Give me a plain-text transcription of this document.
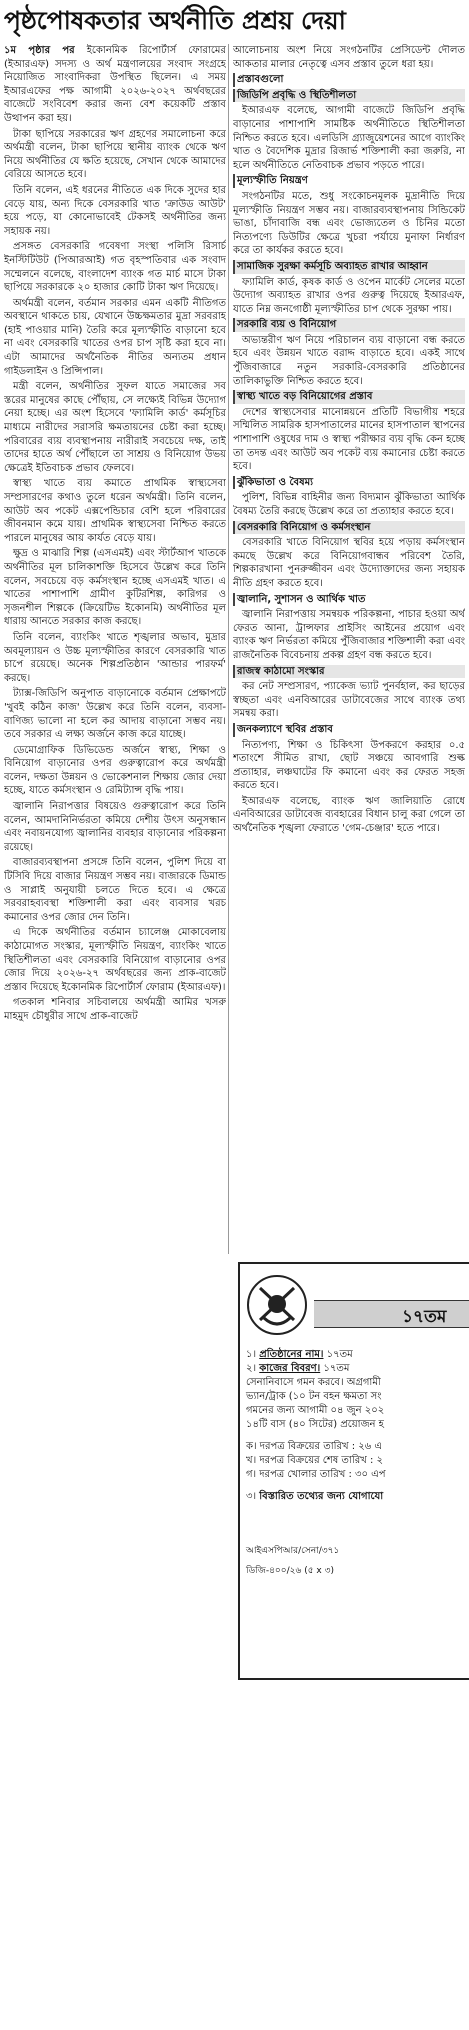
পৃষ্ঠপোষকতার অর্থনীতি প্রশ্রয় দেয়া

১ম পৃষ্ঠার পর ইকোনমিক রিপোর্টার্স ফোরামের (ইআরএফ) সদস্য ও অর্থ মন্ত্রণালয়ের সংবাদ সংগ্রহে নিয়োজিত সাংবাদিকরা উপস্থিত ছিলেন। এ সময় ইআরএফের পক্ষ আগামী ২০২৬-২০২৭ অর্থবছরের বাজেটে সংবিবেশ করার জন্য বেশ কয়েকটি প্রস্তাব উত্থাপন করা হয়।

টাকা ছাপিয়ে সরকারের ঋণ গ্রহণের সমালোচনা করে অর্থমন্ত্রী বলেন, টাকা ছাপিয়ে স্থানীয় ব্যাংক থেকে ঋণ নিয়ে অর্থনীতির যে ক্ষতি হয়েছে, সেখান থেকে আমাদের বেরিয়ে আসতে হবে।

তিনি বলেন, এই ধরনের নীতিতে এক দিকে সুদের হার বেড়ে যায়, অন্য দিকে বেসরকারি খাত 'ক্রাউড আউট' হয়ে পড়ে, যা কোনোভাবেই টেকসই অর্থনীতির জন্য সহায়ক নয়।

প্রসঙ্গত বেসরকারি গবেষণা সংস্থা পলিসি রিসার্চ ইনস্টিটিউট (পিআরআই) গত বৃহস্পতিবার এক সংবাদ সম্মেলনে বলেছে, বাংলাদেশ ব্যাংক গত মার্চ মাসে টাকা ছাপিয়ে সরকারকে ২০ হাজার কোটি টাকা ঋণ দিয়েছে।

অর্থমন্ত্রী বলেন, বর্তমান সরকার এমন একটি নীতিগত অবস্থানে থাকতে চায়, যেখানে উচ্চক্ষমতার মুদ্রা সরবরাহ (হাই পাওয়ার মানি) তৈরি করে মূল্যস্ফীতি বাড়ানো হবে না এবং বেসরকারি খাতের ওপর চাপ সৃষ্টি করা হবে না। এটা আমাদের অর্থনৈতিক নীতির অন্যতম প্রধান গাইডলাইন ও প্রিন্সিপাল।

মন্ত্রী বলেন, অর্থনীতির সুফল যাতে সমাজের সব স্তরের মানুষের কাছে পৌঁছায়, সে লক্ষ্যেই বিভিন্ন উদ্যোগ নেয়া হচ্ছে। এর অংশ হিসেবে 'ফ্যামিলি কার্ড' কর্মসূচির মাধ্যমে নারীদের সরাসরি ক্ষমতায়নের চেষ্টা করা হচ্ছে। পরিবারের ব্যয় ব্যবস্থাপনায় নারীরাই সবচেয়ে দক্ষ, তাই তাদের হাতে অর্থ পৌঁছালে তা সাশ্রয় ও বিনিয়োগ উভয় ক্ষেত্রেই ইতিবাচক প্রভাব ফেলবে।

স্বাস্থ্য খাতে ব্যয় কমাতে প্রাথমিক স্বাস্থ্যসেবা সম্প্রসারণের কথাও তুলে ধরেন অর্থমন্ত্রী। তিনি বলেন, আউট অব পকেট এক্সপেন্ডিচার বেশি হলে পরিবারের জীবনমান কমে যায়। প্রাথমিক স্বাস্থ্যসেবা নিশ্চিত করতে পারলে মানুষের আয় কার্যত বেড়ে যায়।

ক্ষুদ্র ও মাঝারি শিল্প (এসএমই) এবং স্টার্টআপ খাতকে অর্থনীতির মূল চালিকাশক্তি হিসেবে উল্লেখ করে তিনি বলেন, সবচেয়ে বড় কর্মসংস্থান হচ্ছে এসএমই খাত। এ খাতের পাশাপাশি গ্রামীণ কুটিরশিল্প, কারিগর ও সৃজনশীল শিল্পকে (ক্রিয়েটিভ ইকোনমি) অর্থনীতির মূল ধারায় আনতে সরকার কাজ করছে।

তিনি বলেন, ব্যাংকিং খাতে শৃঙ্খলার অভাব, মুদ্রার অবমূল্যায়ন ও উচ্চ মূল্যস্ফীতির কারণে বেসরকারি খাত চাপে রয়েছে। অনেক শিল্পপ্রতিষ্ঠান 'আন্ডার পারফর্ম' করছে।

ট্যাক্স-জিডিপি অনুপাত বাড়ানোকে বর্তমান প্রেক্ষাপটে 'খুবই কঠিন কাজ' উল্লেখ করে তিনি বলেন, ব্যবসা-বাণিজ্য ভালো না হলে কর আদায় বাড়ানো সম্ভব নয়। তবে সরকার এ লক্ষ্য অর্জনে কাজ করে যাচ্ছে।

ডেমোগ্রাফিক ডিভিডেন্ড অর্জনে স্বাস্থ্য, শিক্ষা ও বিনিয়োগ বাড়ানোর ওপর গুরুত্বারোপ করে অর্থমন্ত্রী বলেন, দক্ষতা উন্নয়ন ও ভোকেশনাল শিক্ষায় জোর দেয়া হচ্ছে, যাতে কর্মসংস্থান ও রেমিট্যান্স বৃদ্ধি পায়।

জ্বালানি নিরাপত্তার বিষয়েও গুরুত্বারোপ করে তিনি বলেন, আমদানিনির্ভরতা কমিয়ে দেশীয় উৎস অনুসন্ধান এবং নবায়নযোগ্য জ্বালানির ব্যবহার বাড়ানোর পরিকল্পনা রয়েছে।

বাজারব্যবস্থাপনা প্রসঙ্গে তিনি বলেন, পুলিশ দিয়ে বা টিসিবি দিয়ে বাজার নিয়ন্ত্রণ সম্ভব নয়। বাজারকে ডিমান্ড ও সাপ্লাই অনুযায়ী চলতে দিতে হবে। এ ক্ষেত্রে সরবরাহব্যবস্থা শক্তিশালী করা এবং ব্যবসার খরচ কমানোর ওপর জোর দেন তিনি।

এ দিকে অর্থনীতির বর্তমান চ্যালেঞ্জ মোকাবেলায় কাঠামোগত সংস্কার, মূল্যস্ফীতি নিয়ন্ত্রণ, ব্যাংকিং খাতে স্থিতিশীলতা এবং বেসরকারি বিনিয়োগ বাড়ানোর ওপর জোর দিয়ে ২০২৬-২৭ অর্থবছরের জন্য প্রাক-বাজেট প্রস্তাব দিয়েছে ইকোনমিক রিপোর্টার্স ফোরাম (ইআরএফ)।

গতকাল শনিবার সচিবালয়ে অর্থমন্ত্রী আমির খসরু মাহমুদ চৌধুরীর সাথে প্রাক-বাজেট

আলোচনায় অংশ নিয়ে সংগঠনটির প্রেসিডেন্ট দৌলত আকতার মালার নেতৃত্বে এসব প্রস্তাব তুলে ধরা হয়।

প্রস্তাবগুলো

জিডিপি প্রবৃদ্ধি ও স্থিতিশীলতা

ইআরএফ বলেছে, আগামী বাজেটে জিডিপি প্রবৃদ্ধি বাড়ানোর পাশাপাশি সামষ্টিক অর্থনীতিতে স্থিতিশীলতা নিশ্চিত করতে হবে। এলডিসি গ্র্যাজুয়েশনের আগে ব্যাংকিং খাত ও বৈদেশিক মুদ্রার রিজার্ভ শক্তিশালী করা জরুরি, না হলে অর্থনীতিতে নেতিবাচক প্রভাব পড়তে পারে।

মূল্যস্ফীতি নিয়ন্ত্রণ

সংগঠনটির মতে, শুধু সংকোচনমূলক মুদ্রানীতি দিয়ে মূল্যস্ফীতি নিয়ন্ত্রণ সম্ভব নয়। বাজারব্যবস্থাপনায় সিন্ডিকেট ভাঙা, চাঁদাবাজি বন্ধ এবং ভোজ্যতেল ও চিনির মতো নিত্যপণ্যে ডিউটির ক্ষেত্রে খুচরা পর্যায়ে মুনাফা নির্ধারণ করে তা কার্যকর করতে হবে।

সামাজিক সুরক্ষা কর্মসূচি অব্যাহত রাখার আহ্বান

ফ্যামিলি কার্ড, কৃষক কার্ড ও ওপেন মার্কেট সেলের মতো উদ্যোগ অব্যাহত রাখার ওপর গুরুত্ব দিয়েছে ইআরএফ, যাতে নিম্ন জনগোষ্ঠী মূল্যস্ফীতির চাপ থেকে সুরক্ষা পায়।

সরকারি ব্যয় ও বিনিয়োগ

অভ্যন্তরীণ ঋণ নিয়ে পরিচালন ব্যয় বাড়ানো বন্ধ করতে হবে এবং উন্নয়ন খাতে বরাদ্দ বাড়াতে হবে। একই সাথে পুঁজিবাজারে নতুন সরকারি-বেসরকারি প্রতিষ্ঠানের তালিকাভুক্তি নিশ্চিত করতে হবে।

স্বাস্থ্য খাতে বড় বিনিয়োগের প্রস্তাব

দেশের স্বাস্থ্যসেবার মানোন্নয়নে প্রতিটি বিভাগীয় শহরে সম্মিলিত সামরিক হাসপাতালের মানের হাসপাতাল স্থাপনের পাশাপাশি ওষুধের দাম ও স্বাস্থ্য পরীক্ষার ব্যয় বৃদ্ধি কেন হচ্ছে তা তদন্ত এবং আউট অব পকেট ব্যয় কমানোর চেষ্টা করতে হবে।

ঝুঁকিভাতা ও বৈষম্য

পুলিশ, বিভিন্ন বাহিনীর জন্য বিদ্যমান ঝুঁকিভাতা আর্থিক বৈষম্য তৈরি করছে উল্লেখ করে তা প্রত্যাহার করতে হবে।

বেসরকারি বিনিয়োগ ও কর্মসংস্থান

বেসরকারি খাতে বিনিয়োগ স্থবির হয়ে পড়ায় কর্মসংস্থান কমছে উল্লেখ করে বিনিয়োগবান্ধব পরিবেশ তৈরি, শিল্পকারখানা পুনরুজ্জীবন এবং উদ্যোক্তাদের জন্য সহায়ক নীতি গ্রহণ করতে হবে।

জ্বালানি, সুশাসন ও আর্থিক খাত

জ্বালানি নিরাপত্তায় সমন্বয়ক পরিকল্পনা, পাচার হওয়া অর্থ ফেরত আনা, ট্রান্সফার প্রাইসিং আইনের প্রয়োগ এবং ব্যাংক ঋণ নির্ভরতা কমিয়ে পুঁজিবাজার শক্তিশালী করা এবং রাজনৈতিক বিবেচনায় প্রকল্প গ্রহণ বন্ধ করতে হবে।

রাজস্ব কাঠামো সংস্কার

কর নেট সম্প্রসারণ, প্যাকেজ ভ্যাট পুনর্বহাল, কর ছাড়ের স্বচ্ছতা এবং এনবিআরের ডাটাবেজের সাথে ব্যাংক তথ্য সমন্বয় করা।

জনকল্যাণে স্থবির প্রস্তাব

নিত্যপণ্য, শিক্ষা ও চিকিৎসা উপকরণে করহার ০.৫ শতাংশে সীমিত রাখা, ছোট সঞ্চয়ে আবগারি শুল্ক প্রত্যাহার, লঞ্চঘাটের ফি কমানো এবং কর ফেরত সহজ করতে হবে।

ইআরএফ বলেছে, ব্যাংক ঋণ জালিয়াতি রোধে এনবিআরের ডাটাবেজ ব্যবহারের বিধান চালু করা গেলে তা অর্থনৈতিক শৃঙ্খলা ফেরাতে 'গেম-চেঞ্জার' হতে পারে।

১৭তম
১। প্রতিষ্ঠানের নাম। ১৭তম
২। কাজের বিবরণ। ১৭তম
সেনানিবাসে গমন করবে। অগ্রগামী
ভ্যান/ট্রাক (১০ টন বহন ক্ষমতা সং
গমনের জন্য আগামী ০৪ জুন ২০২
১৪টি বাস (৪০ সিটের) প্রয়োজন হ
ক। দরপত্র বিক্রয়ের তারিখ : ২৬ এ
খ। দরপত্র বিক্রয়ের শেষ তারিখ : ২
গ। দরপত্র খোলার তারিখ : ৩০ এপ
৩। বিস্তারিত তথ্যের জন্য যোগাযো
আইএসপিআর/সেনা/৩৭১
ডিজি-৪০০/২৬ (৫ x ৩)
